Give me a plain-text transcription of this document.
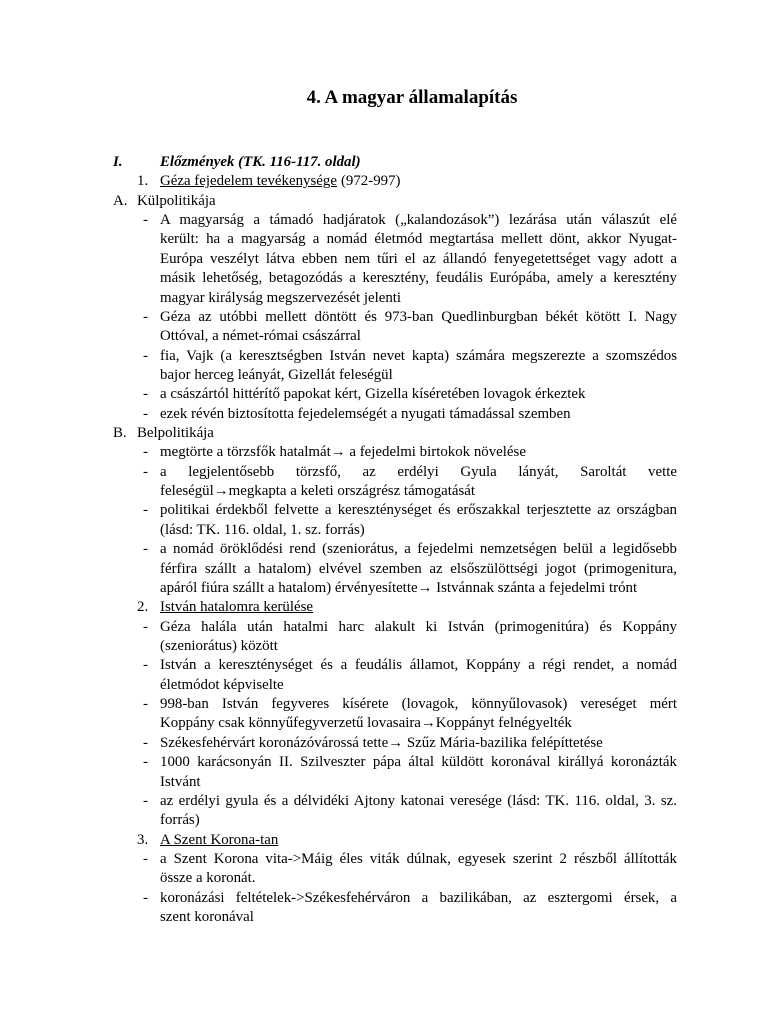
4. A magyar államalapítás
I.	Előzmények (TK. 116-117. oldal)
1. Géza fejedelem tevékenysége (972-997)
A. Külpolitikája
- A magyarság a támadó hadjáratok („kalandozások”) lezárása után válaszút elé
került: ha a magyarság a nomád életmód megtartása mellett dönt, akkor Nyugat-
Európa veszélyt látva ebben nem tűri el az állandó fenyegetettséget vagy adott a
másik lehetőség, betagozódás a keresztény, feudális Európába, amely a keresztény
magyar királyság megszervezését jelenti
- Géza az utóbbi mellett döntött és 973-ban Quedlinburgban békét kötött I. Nagy
Ottóval, a német-római császárral
- fia, Vajk (a keresztségben István nevet kapta) számára megszerezte a szomszédos
bajor herceg leányát, Gizellát feleségül
- a császártól hittérítő papokat kért, Gizella kíséretében lovagok érkeztek
- ezek révén biztosította fejedelemségét a nyugati támadással szemben
B. Belpolitikája
- megtörte a törzsfők hatalmát→ a fejedelmi birtokok növelése
- a legjelentősebb törzsfő, az erdélyi Gyula lányát, Saroltát vette
feleségül→megkapta a keleti országrész támogatását
- politikai érdekből felvette a kereszténységet és erőszakkal terjesztette az országban
(lásd: TK. 116. oldal, 1. sz. forrás)
- a nomád öröklődési rend (szeniorátus, a fejedelmi nemzetségen belül a legidősebb
férfira szállt a hatalom) elvével szemben az elsőszülöttségi jogot (primogenitura,
apáról fiúra szállt a hatalom) érvényesítette→ Istvánnak szánta a fejedelmi trónt
2. István hatalomra kerülése
- Géza halála után hatalmi harc alakult ki István (primogenitúra) és Koppány
(szeniorátus) között
- István a kereszténységet és a feudális államot, Koppány a régi rendet, a nomád
életmódot képviselte
- 998-ban István fegyveres kísérete (lovagok, könnyűlovasok) vereséget mért
Koppány csak könnyűfegyverzetű lovasaira→Koppányt felnégyelték
- Székesfehérvárt koronázóvárossá tette→ Szűz Mária-bazilika felépíttetése
- 1000 karácsonyán II. Szilveszter pápa által küldött koronával királlyá koronázták
Istvánt
- az erdélyi gyula és a délvidéki Ajtony katonai veresége (lásd: TK. 116. oldal, 3. sz.
forrás)
3. A Szent Korona-tan
- a Szent Korona vita->Máig éles viták dúlnak, egyesek szerint 2 részből állították
össze a koronát.
- koronázási feltételek->Székesfehérváron a bazilikában, az esztergomi érsek, a
szent koronával
